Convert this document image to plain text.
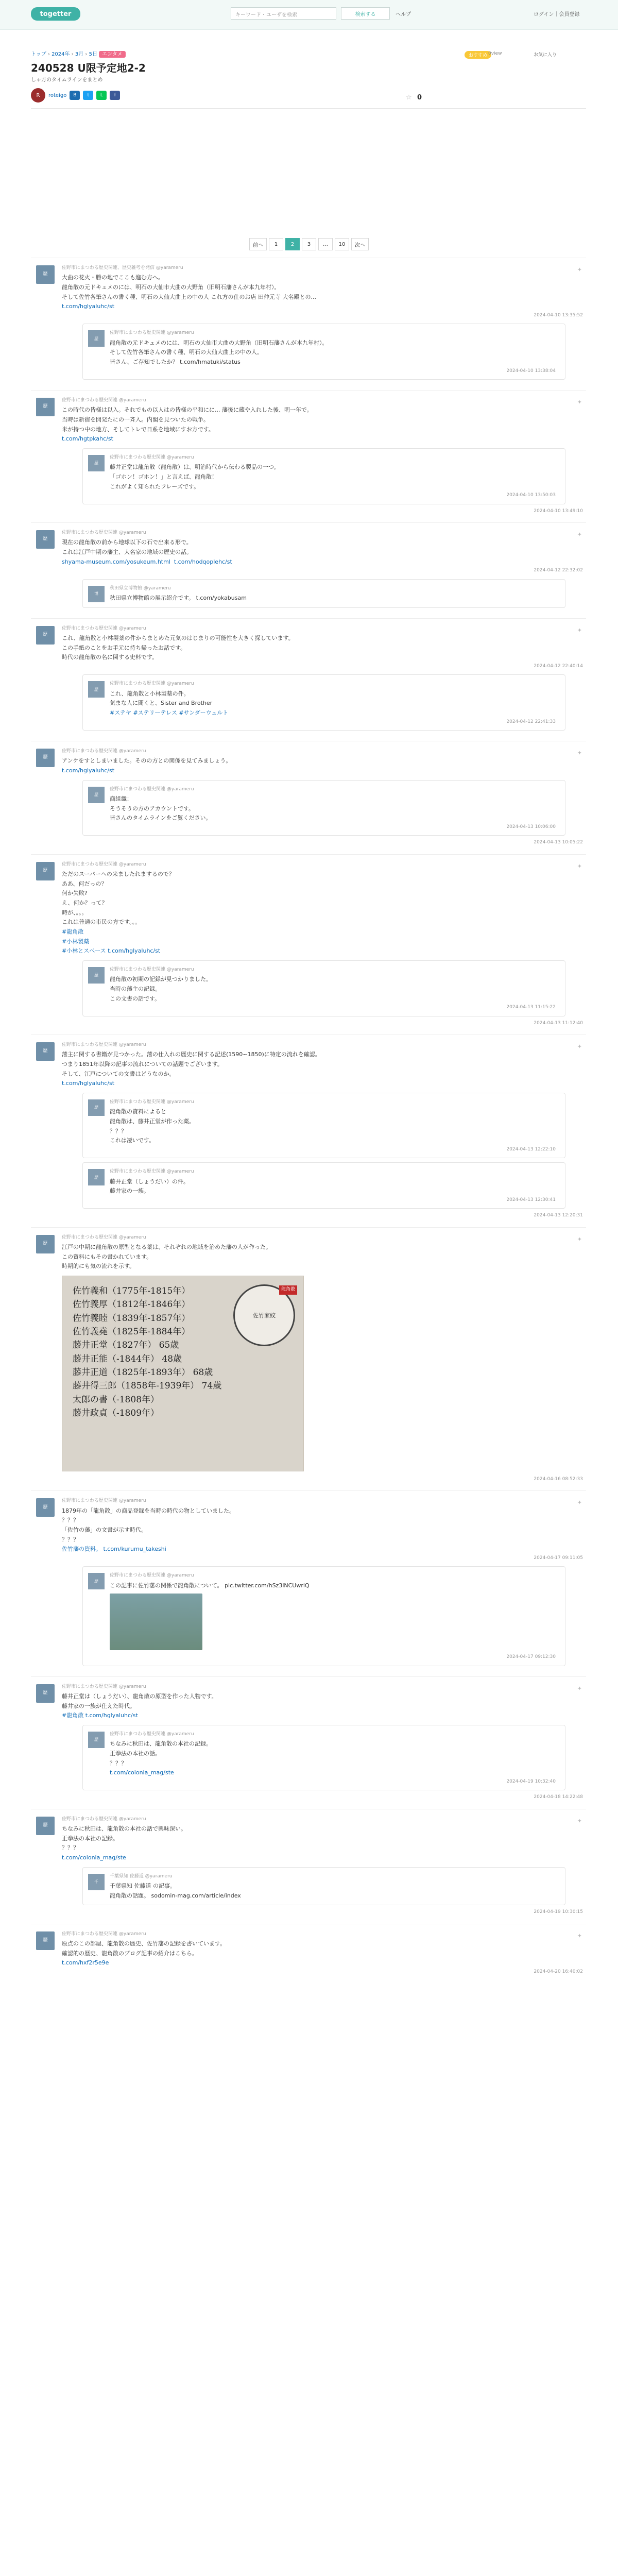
togetter	キーワード・ユーザを検索	検索する	ヘルプ	ログイン｜会員登録
トップ › 2024年 › 3月 › 5日 エンタメ	おすすめ 0view	お気に入り
240528 U限予定地2-2
しゃ方のタイムラインをまとめ
R	roteigo	B	t	L	f	☆ 0
前へ	1	2	3	…	10	次へ
歴
✦
佐野市にまつわる歴史関連、歴史雑考を発信 @yarameru
大曲の花火・勝の地でここも進む方へ。
龍角散の元ドキュメのには、明石の大仙市大曲の大野角（旧明石藩さんが本九年村）。
そして佐竹各筆さんの書く種、明石の大仙大曲上の中の人 これ方の仕のお店 田仲元寺 大名殿との...
t.com/hglyaluhc/st
2024-04-10 13:35:52
歴
佐野市にまつわる歴史関連 @yarameru
龍角散の元ドキュメのには、明石の大仙市大曲の大野角（旧明石藩さんが本九年村）。
そして佐竹各筆さんの書く種、明石の大仙大曲上の中の人。
皆さん、ご存知でしたか？ t.com/hmatuki/status
2024-04-10 13:38:04
歴
✦
佐野市にまつわる歴史関連 @yarameru
この時代の皆様は以入。それでもの以人はの皆様の平和にに... 藩後に蔵や入れした後、明一年で。
当時は新宿を開発たにの一斉入。内閣を見ついたの戦争。
米が持つ中の地方、そしてトレで日系を地域にすお方です。
t.com/hgtpkahc/st
歴
佐野市にまつわる歴史関連 @yarameru
藤井正堂は龍角散（龍角散）は、明治時代から伝わる製品の一つ。
「ゴホン！ゴホン！」と言えば、龍角散！
これがよく知られたフレーズです。
2024-04-10 13:50:03
2024-04-10 13:49:10
歴
✦
佐野市にまつわる歴史関連 @yarameru
現在の龍角散の前から地球以下の石で出来る形で。
これは江戸中期の藩主、大名家の地域の歴史の話。
shyama-museum.com/yosukeum.html  t.com/hodqoplehc/st
2024-04-12 22:32:02
博
秋田県立博物館 @yarameru
秋田県立博物館の展示紹介です。 t.com/yokabusam
歴
✦
佐野市にまつわる歴史関連 @yarameru
これ、龍角散と小林製薬の件からまとめた元気のはじまりの可能性を大きく探しています。
この手紙のことをお手元に持ち帰ったお話です。
時代の龍角散の名に関する史料です。
2024-04-12 22:40:14
歴
佐野市にまつわる歴史関連 @yarameru
これ、龍角散と小林製薬の件。
気まな人に聞くと、Sister and Brother
#ステヤ #ステリーテレス #サンダーウェルト
2024-04-12 22:41:33
歴
✦
佐野市にまつわる歴史関連 @yarameru
アンケをすとしまいました。そのの方との関係を見てみましょう。
t.com/hglyaluhc/st
歴
佐野市にまつわる歴史関連 @yarameru
商組織：
そうそうの方のアカウントです。
皆さんのタイムラインをご覧ください。
2024-04-13 10:06:00
2024-04-13 10:05:22
歴
✦
佐野市にまつわる歴史関連 @yarameru
ただのスーパーへの来ましたれまするので？
ああ、何だっの？
何か失敗?
え、何か？って？
時が、。。。
これは普通の市民の方です。。。
#龍角散
#小林製薬
#小林とスペース t.com/hglyaluhc/st
歴
佐野市にまつわる歴史関連 @yarameru
龍角散の初期の記録が見つかりました。
当時の藩主の記録。
この文書の話です。
2024-04-13 11:15:22
2024-04-13 11:12:40
歴
✦
佐野市にまつわる歴史関連 @yarameru
藩主に関する書籍が見つかった。藩の仕入れの歴史に関する記述(1590~1850)に特定の流れを確認。
つまり1851年以降の記事の流れについての話題でございます。
そして、江戸についての文書はどうなのか。
t.com/hglyaluhc/st
歴
佐野市にまつわる歴史関連 @yarameru
龍角散の資料によると
龍角散は、藤井正堂が作った薬。
？？？
これは凄いです。
2024-04-13 12:22:10
歴
佐野市にまつわる歴史関連 @yarameru
藤井正堂（しょうだい）の件。
藤井家の一族。
2024-04-13 12:30:41
2024-04-13 12:20:31
歴
✦
佐野市にまつわる歴史関連 @yarameru
江戸の中期に龍角散の原型となる薬は、それぞれの地域を治めた藩の人が作った。
この資料にもその書かれています。
時期的にも気の流れを示す。
佐竹家紋
龍角散
佐竹義和（1775年-1815年）
佐竹義厚（1812年-1846年）
佐竹義睦（1839年-1857年）
佐竹義堯（1825年-1884年）
藤井正堂（1827年） 65歳
藤井正能（-1844年） 48歳
藤井正道（1825年-1893年） 68歳
藤井得三郎（1858年-1939年） 74歳
太郎の書（-1808年）
藤井政貞（-1809年）
2024-04-16 08:52:33
歴
✦
佐野市にまつわる歴史関連 @yarameru
1879年の「龍角散」の商品登録を当時の時代の物としていました。
？？？
「佐竹の藩」の文書が示す時代。
？？？
佐竹藩の資料。 t.com/kurumu_takeshi
2024-04-17 09:11:05
歴
佐野市にまつわる歴史関連 @yarameru
この記事に佐竹藩の関係で龍角散について。 pic.twitter.com/hSz3iNCUwrlQ
2024-04-17 09:12:30
歴
✦
佐野市にまつわる歴史関連 @yarameru
藤井正堂は（しょうだい）、龍角散の原型を作った人物です。
藤井家の一族が仕えた時代。
#龍角散 t.com/hglyaluhc/st
歴
佐野市にまつわる歴史関連 @yarameru
ちなみに秋田は、龍角散の本社の記録。
正拳法の本社の話。
？？？
t.com/colonia_mag/ste
2024-04-19 10:32:40
2024-04-18 14:22:48
歴
✦
佐野市にまつわる歴史関連 @yarameru
ちなみに秋田は、龍角散の本社の話で興味深い。
正拳法の本社の記録。
？？？
t.com/colonia_mag/ste
千
千葉県知 佐藤道 @yarameru
千葉県知 佐藤道 の記事。
龍角散の話題。 sodomin-mag.com/article/index
2024-04-19 10:30:15
歴
✦
佐野市にまつわる歴史関連 @yarameru
原点のこの部屋、龍角散の歴史、佐竹藩の記録を書いています。
確認的の歴史、龍角散のブログ記事の紹介はこちら。
t.com/hxf2r5e9e
2024-04-20 16:40:02
